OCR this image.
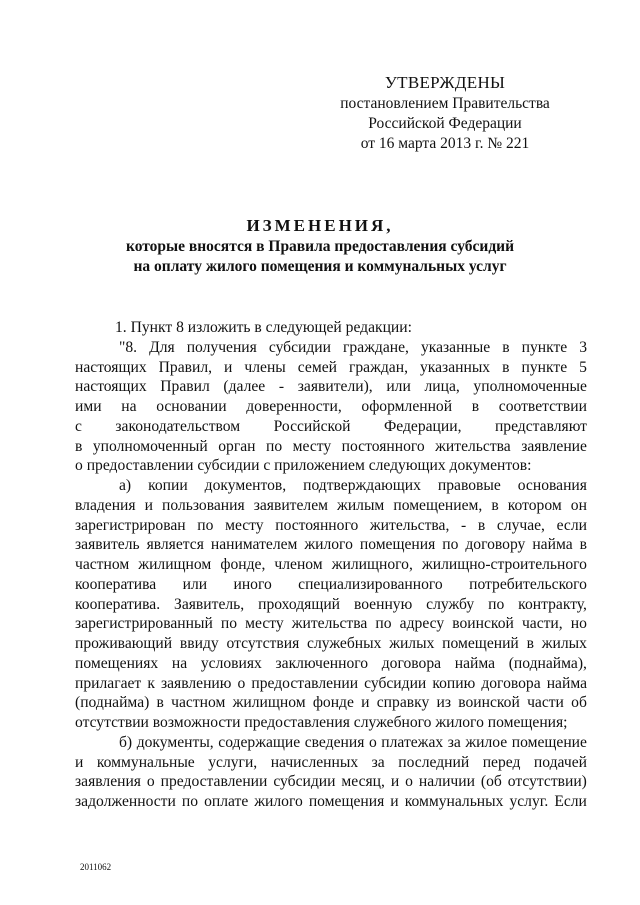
УТВЕРЖДЕНЫ
постановлением Правительства
Российской Федерации
от 16 марта 2013 г. № 221
ИЗМЕНЕНИЯ,
которые вносятся в Правила предоставления субсидий
на оплату жилого помещения и коммунальных услуг
1. Пункт 8 изложить в следующей редакции:
"8. Для получения субсидии граждане, указанные в пункте 3
настоящих Правил, и члены семей граждан, указанных в пункте 5
настоящих Правил (далее - заявители), или лица, уполномоченные
ими на основании доверенности, оформленной в соответствии
с законодательством Российской Федерации, представляют
в уполномоченный орган по месту постоянного жительства заявление
о предоставлении субсидии с приложением следующих документов:
а) копии документов, подтверждающих правовые основания
владения и пользования заявителем жилым помещением, в котором он
зарегистрирован по месту постоянного жительства, - в случае, если
заявитель является нанимателем жилого помещения по договору найма в
частном жилищном фонде, членом жилищного, жилищно-строительного
кооператива или иного специализированного потребительского
кооператива. Заявитель, проходящий военную службу по контракту,
зарегистрированный по месту жительства по адресу воинской части, но
проживающий ввиду отсутствия служебных жилых помещений в жилых
помещениях на условиях заключенного договора найма (поднайма),
прилагает к заявлению о предоставлении субсидии копию договора найма
(поднайма) в частном жилищном фонде и справку из воинской части об
отсутствии возможности предоставления служебного жилого помещения;
б) документы, содержащие сведения о платежах за жилое помещение
и коммунальные услуги, начисленных за последний перед подачей
заявления о предоставлении субсидии месяц, и о наличии (об отсутствии)
задолженности по оплате жилого помещения и коммунальных услуг. Если
2011062
